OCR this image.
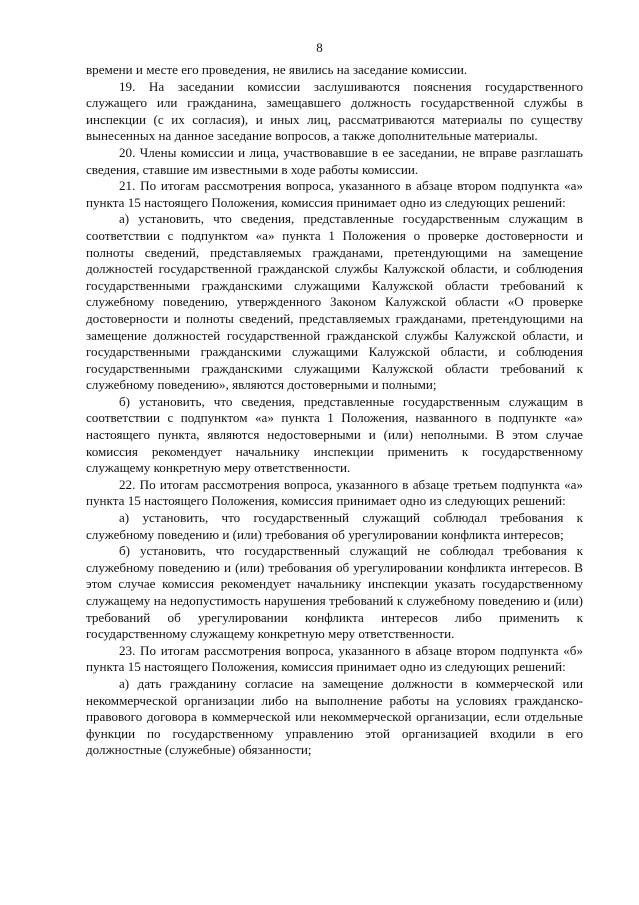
8

времени и месте его проведения, не явились на заседание комиссии.

19. На заседании комиссии заслушиваются пояснения государственного служащего или гражданина, замещавшего должность государственной службы в инспекции (с их согласия), и иных лиц, рассматриваются материалы по существу вынесенных на данное заседание вопросов, а также дополнительные материалы.

20. Члены комиссии и лица, участвовавшие в ее заседании, не вправе разглашать сведения, ставшие им известными в ходе работы комиссии.

21. По итогам рассмотрения вопроса, указанного в абзаце втором подпункта «а» пункта 15 настоящего Положения, комиссия принимает одно из следующих решений:

а) установить, что сведения, представленные государственным служащим в соответствии с подпунктом «а» пункта 1 Положения о проверке достоверности и полноты сведений, представляемых гражданами, претендующими на замещение должностей государственной гражданской службы Калужской области, и соблюдения государственными гражданскими служащими Калужской области требований к служебному поведению, утвержденного Законом Калужской области «О проверке достоверности и полноты сведений, представляемых гражданами, претендующими на замещение должностей государственной гражданской службы Калужской области, и государственными гражданскими служащими Калужской области, и соблюдения государственными гражданскими служащими Калужской области требований к служебному поведению», являются достоверными и полными;

б) установить, что сведения, представленные государственным служащим в соответствии с подпунктом «а» пункта 1 Положения, названного в подпункте «а» настоящего пункта, являются недостоверными и (или) неполными. В этом случае комиссия рекомендует начальнику инспекции применить к государственному служащему конкретную меру ответственности.

22. По итогам рассмотрения вопроса, указанного в абзаце третьем подпункта «а» пункта 15 настоящего Положения, комиссия принимает одно из следующих решений:

а) установить, что государственный служащий соблюдал требования к служебному поведению и (или) требования об урегулировании конфликта интересов;

б) установить, что государственный служащий не соблюдал требования к служебному поведению и (или) требования об урегулировании конфликта интересов. В этом случае комиссия рекомендует начальнику инспекции указать государственному служащему на недопустимость нарушения требований к служебному поведению и (или) требований об урегулировании конфликта интересов либо применить к государственному служащему конкретную меру ответственности.

23. По итогам рассмотрения вопроса, указанного в абзаце втором подпункта «б» пункта 15 настоящего Положения, комиссия принимает одно из следующих решений:

а) дать гражданину согласие на замещение должности в коммерческой или некоммерческой организации либо на выполнение работы на условиях гражданско-правового договора в коммерческой или некоммерческой организации, если отдельные функции по государственному управлению этой организацией входили в его должностные (служебные) обязанности;
